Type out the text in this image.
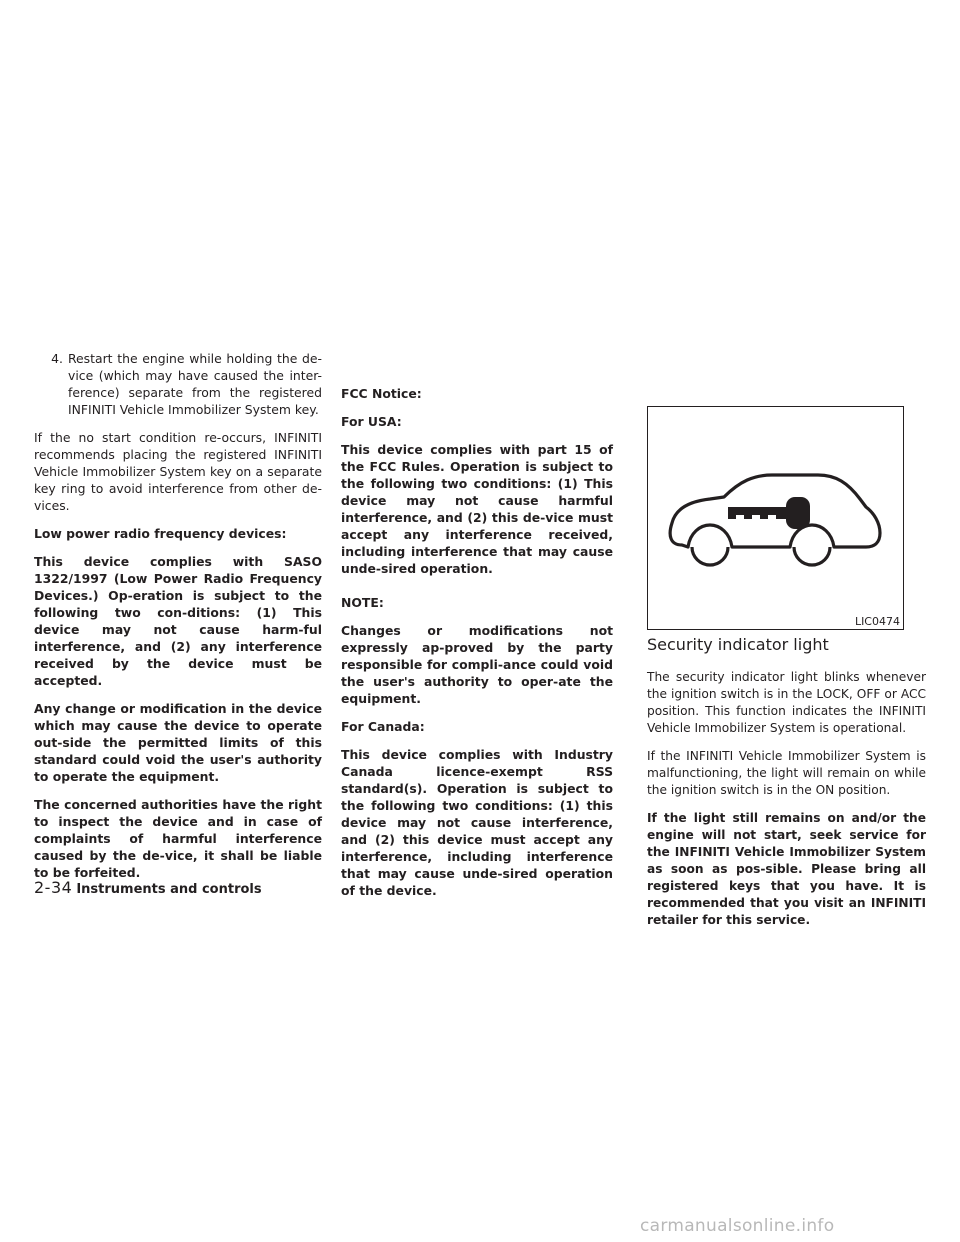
4. Restart the engine while holding the de-vice (which may have caused the inter-ference) separate from the registered INFINITI Vehicle Immobilizer System key.

If the no start condition re-occurs, INFINITI recommends placing the registered INFINITI Vehicle Immobilizer System key on a separate key ring to avoid interference from other de-vices.

Low power radio frequency devices:

This device complies with SASO 1322/1997 (Low Power Radio Frequency Devices.) Op-eration is subject to the following two con-ditions: (1) This device may not cause harm-ful interference, and (2) any interference received by the device must be accepted.

Any change or modification in the device which may cause the device to operate out-side the permitted limits of this standard could void the user's authority to operate the equipment.

The concerned authorities have the right to inspect the device and in case of complaints of harmful interference caused by the de-vice, it shall be liable to be forfeited.

FCC Notice:

For USA:

This device complies with part 15 of the FCC Rules. Operation is subject to the following two conditions: (1) This device may not cause harmful interference, and (2) this de-vice must accept any interference received, including interference that may cause unde-sired operation.

NOTE:

Changes or modifications not expressly ap-proved by the party responsible for compli-ance could void the user's authority to oper-ate the equipment.

For Canada:

This device complies with Industry Canada licence-exempt RSS standard(s). Operation is subject to the following two conditions: (1) this device may not cause interference, and (2) this device must accept any interference, including interference that may cause unde-sired operation of the device.

LIC0474
Security indicator light

The security indicator light blinks whenever the ignition switch is in the LOCK, OFF or ACC position. This function indicates the INFINITI Vehicle Immobilizer System is operational.

If the INFINITI Vehicle Immobilizer System is malfunctioning, the light will remain on while the ignition switch is in the ON position.

If the light still remains on and/or the engine will not start, seek service for the INFINITI Vehicle Immobilizer System as soon as pos-sible. Please bring all registered keys that you have. It is recommended that you visit an INFINITI retailer for this service.

2-34 Instruments and controls
carmanualsonline.info
